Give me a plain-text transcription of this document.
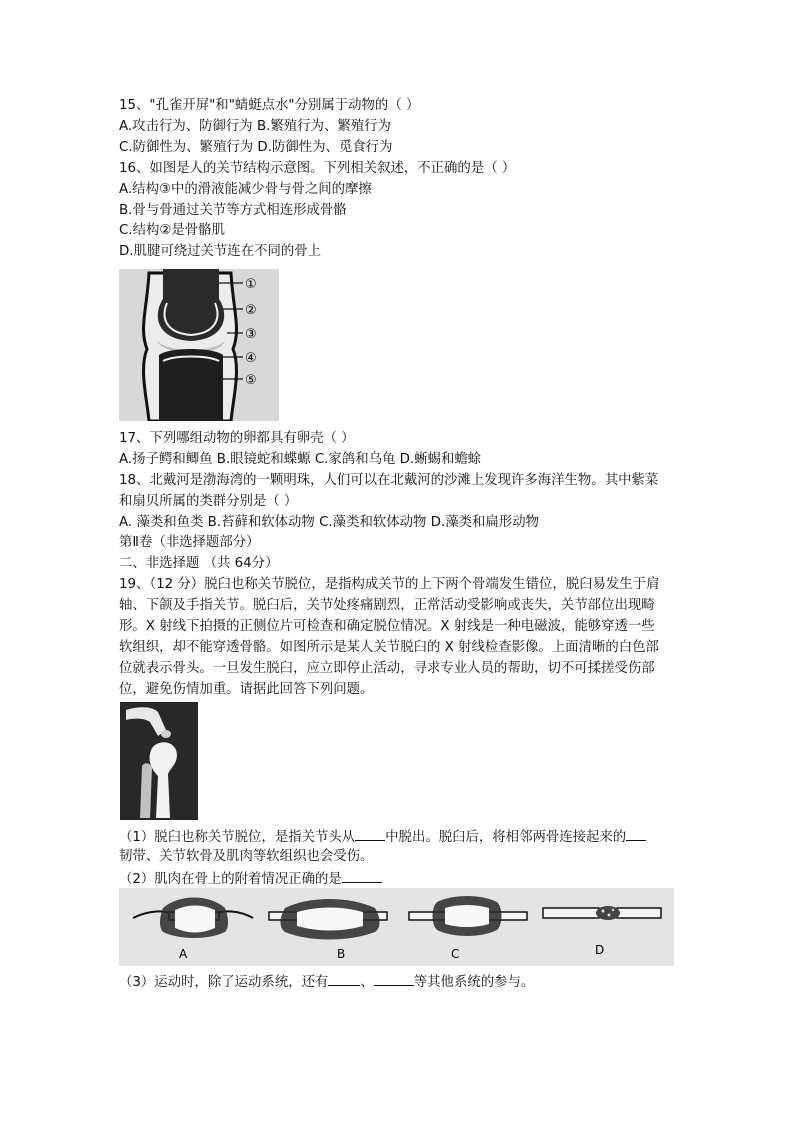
15、"孔雀开屏"和"蜻蜓点水"分别属于动物的（ ）
A.攻击行为、防御行为 B.繁殖行为、繁殖行为
C.防御性为、繁殖行为 D.防御性为、觅食行为
16、如图是人的关节结构示意图。下列相关叙述，不正确的是（ ）
A.结构③中的滑液能减少骨与骨之间的摩擦
B.骨与骨通过关节等方式相连形成骨骼
C.结构②是骨骼肌
D.肌腱可绕过关节连在不同的骨上
①
②
③
④
⑤
17、下列哪组动物的卵都具有卵壳（ ）
A.扬子鳄和鲫鱼 B.眼镜蛇和蝶螈 C.家鸽和乌龟 D.蜥蜴和蟾蜍
18、北戴河是渤海湾的一颗明珠，人们可以在北戴河的沙滩上发现许多海洋生物。其中紫菜
和扇贝所属的类群分别是（ ）
A. 藻类和鱼类 B.苔藓和软体动物 C.藻类和软体动物 D.藻类和扁形动物
第Ⅱ卷（非选择题部分）
二、非选择题 （共 64分）
19、（12 分）脱臼也称关节脱位，是指构成关节的上下两个骨端发生错位，脱臼易发生于肩
轴、下颌及手指关节。脱臼后，关节处疼痛剧烈，正常活动受影响或丧失，关节部位出现畸
形。X 射线下拍摄的正侧位片可检查和确定脱位情况。X 射线是一种电磁波，能够穿透一些
软组织，却不能穿透骨骼。如图所示是某人关节脱臼的 X 射线检查影像。上面清晰的白色部
位就表示骨头。一旦发生脱臼，应立即停止活动，寻求专业人员的帮助，切不可揉搓受伤部
位，避免伤情加重。请据此回答下列问题。
（1）脱臼也称关节脱位，是指关节头从 中脱出。脱臼后，将相邻两骨连接起来的
韧带、关节软骨及肌肉等软组织也会受伤。
（2）肌肉在骨上的附着情况正确的是
A	B	C	D
（3）运动时，除了运动系统，还有 、	等其他系统的参与。
